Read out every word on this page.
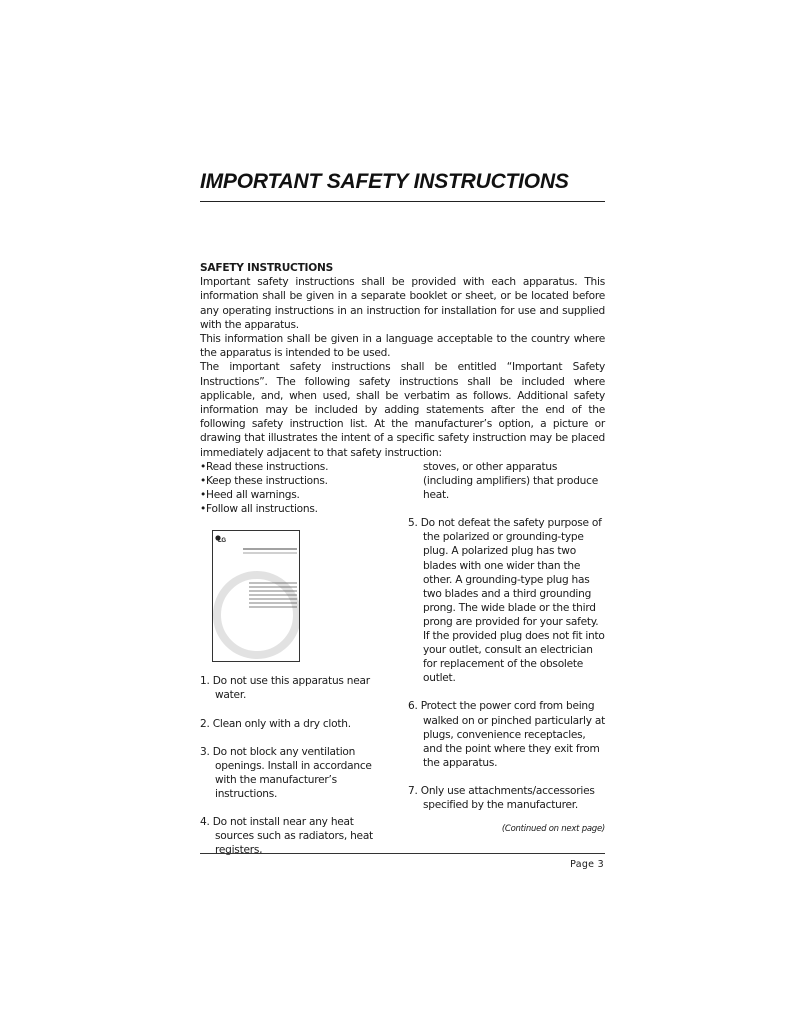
IMPORTANT SAFETY INSTRUCTIONS
SAFETY INSTRUCTIONS

Important safety instructions shall be provided with each apparatus. This information shall be given in a separate booklet or sheet, or be located before any operating instructions in an instruction for installation for use and supplied with the apparatus.

This information shall be given in a language acceptable to the country where the apparatus is intended to be used.

The important safety instructions shall be entitled “Important Safety Instructions”. The following safety instructions shall be included where applicable, and, when used, shall be verbatim as follows. Additional safety information may be included by adding statements after the end of the following safety instruction list. At the manufacturer’s option, a picture or drawing that illustrates the intent of a specific safety instruction may be placed immediately adjacent to that safety instruction:

• Read these instructions.
• Keep these instructions.
• Heed all warnings.
• Follow all instructions.
LG
1. Do not use this apparatus near water.
2. Clean only with a dry cloth.
3. Do not block any ventilation openings. Install in accordance with the manufacturer’s instructions.
4. Do not install near any heat sources such as radiators, heat registers,
stoves, or other apparatus (including amplifiers) that produce heat.
5. Do not defeat the safety purpose of the polarized or grounding-type plug. A polarized plug has two blades with one wider than the other. A grounding-type plug has two blades and a third grounding prong. The wide blade or the third prong are provided for your safety. If the provided plug does not fit into your outlet, consult an electrician for replacement of the obsolete outlet.
6. Protect the power cord from being walked on or pinched particularly at plugs, convenience receptacles, and the point where they exit from the apparatus.
7. Only use attachments/accessories specified by the manufacturer.
(Continued on next page)
Page 3
